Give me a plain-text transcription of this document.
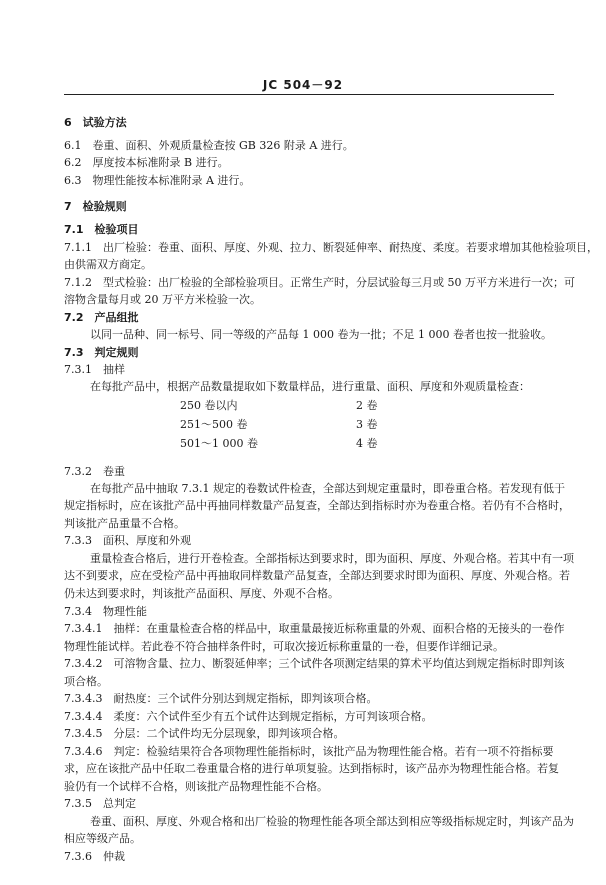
JC 504－92
6　试验方法
6.1　卷重、面积、外观质量检查按 GB 326 附录 A 进行。
6.2　厚度按本标准附录 B 进行。
6.3　物理性能按本标准附录 A 进行。
7　检验规则
7.1　检验项目
7.1.1　出厂检验：卷重、面积、厚度、外观、拉力、断裂延伸率、耐热度、柔度。若要求增加其他检验项目，
由供需双方商定。
7.1.2　型式检验：出厂检验的全部检验项目。正常生产时，分层试验每三月或 50 万平方米进行一次；可
溶物含量每月或 20 万平方米检验一次。
7.2　产品组批
以同一品种、同一标号、同一等级的产品每 1 000 卷为一批；不足 1 000 卷者也按一批验收。
7.3　判定规则
7.3.1　抽样
在每批产品中，根据产品数量提取如下数量样品，进行重量、面积、厚度和外观质量检查：
250 卷以内	2 卷
251～500 卷	3 卷
501～1 000 卷	4 卷
7.3.2　卷重
在每批产品中抽取 7.3.1 规定的卷数试件检查，全部达到规定重量时，即卷重合格。若发现有低于
规定指标时，应在该批产品中再抽同样数量产品复查，全部达到指标时亦为卷重合格。若仍有不合格时，
判该批产品重量不合格。
7.3.3　面积、厚度和外观
重量检查合格后，进行开卷检查。全部指标达到要求时，即为面积、厚度、外观合格。若其中有一项
达不到要求，应在受检产品中再抽取同样数量产品复查，全部达到要求时即为面积、厚度、外观合格。若
仍未达到要求时，判该批产品面积、厚度、外观不合格。
7.3.4　物理性能
7.3.4.1　抽样：在重量检查合格的样品中，取重量最接近标称重量的外观、面积合格的无接头的一卷作
物理性能试样。若此卷不符合抽样条件时，可取次接近标称重量的一卷，但要作详细记录。
7.3.4.2　可溶物含量、拉力、断裂延伸率；三个试件各项测定结果的算术平均值达到规定指标时即判该
项合格。
7.3.4.3　耐热度：三个试件分别达到规定指标，即判该项合格。
7.3.4.4　柔度：六个试件至少有五个试件达到规定指标，方可判该项合格。
7.3.4.5　分层：二个试件均无分层现象，即判该项合格。
7.3.4.6　判定：检验结果符合各项物理性能指标时，该批产品为物理性能合格。若有一项不符指标要
求，应在该批产品中任取二卷重量合格的进行单项复验。达到指标时，该产品亦为物理性能合格。若复
验仍有一个试样不合格，则该批产品物理性能不合格。
7.3.5　总判定
卷重、面积、厚度、外观合格和出厂检验的物理性能各项全部达到相应等级指标规定时，判该产品为
相应等级产品。
7.3.6　仲裁
